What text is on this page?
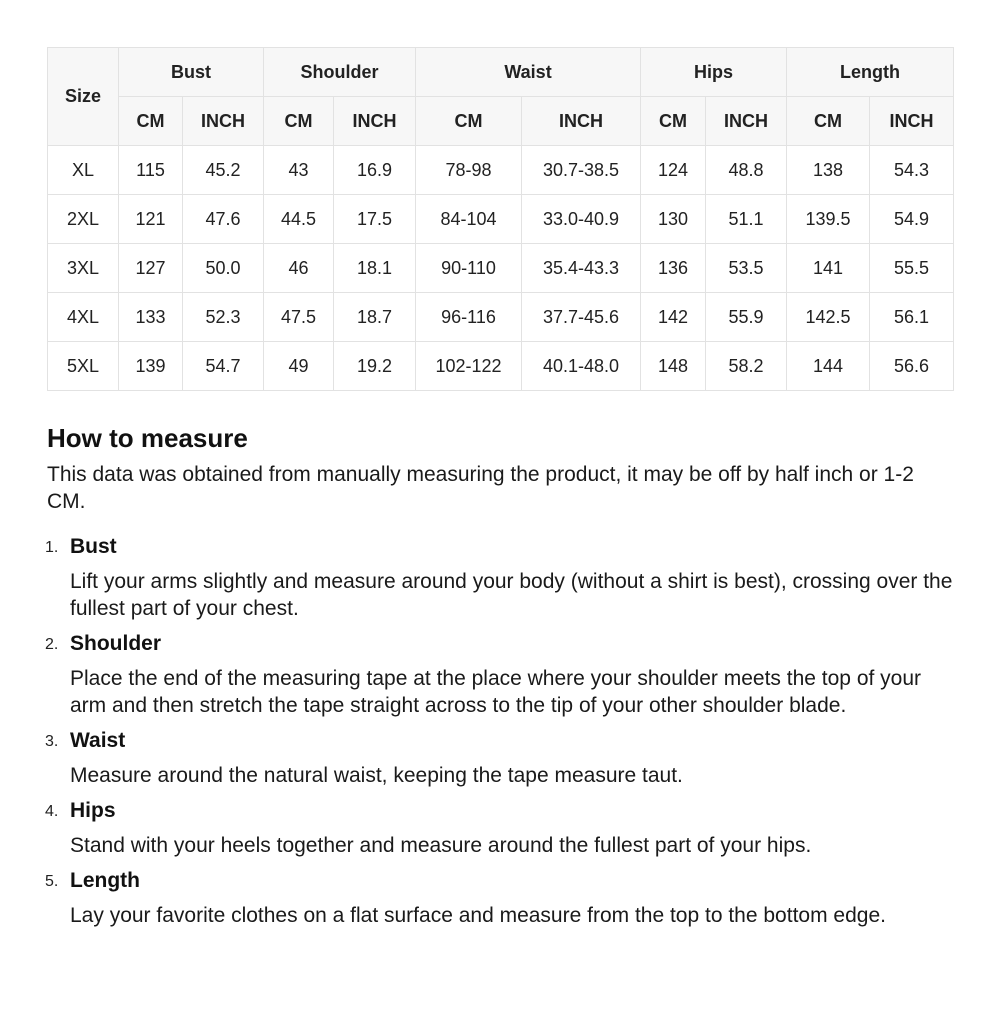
Size	Bust		Shoulder		Waist		Hips		Length	
	CM	INCH	CM	INCH	CM	INCH	CM	INCH	CM	INCH
XL	115	45.2	43	16.9	78-98	30.7-38.5	124	48.8	138	54.3
2XL	121	47.6	44.5	17.5	84-104	33.0-40.9	130	51.1	139.5	54.9
3XL	127	50.0	46	18.1	90-110	35.4-43.3	136	53.5	141	55.5
4XL	133	52.3	47.5	18.7	96-116	37.7-45.6	142	55.9	142.5	56.1
5XL	139	54.7	49	19.2	102-122	40.1-48.0	148	58.2	144	56.6
How to measure

This data was obtained from manually measuring the product, it may be off by half inch or 1-2 CM.

1. Bust

Lift your arms slightly and measure around your body (without a shirt is best), crossing over the fullest part of your chest.

2. Shoulder

Place the end of the measuring tape at the place where your shoulder meets the top of your arm and then stretch the tape straight across to the tip of your other shoulder blade.

3. Waist

Measure around the natural waist, keeping the tape measure taut.

4. Hips

Stand with your heels together and measure around the fullest part of your hips.

5. Length

Lay your favorite clothes on a flat surface and measure from the top to the bottom edge.
